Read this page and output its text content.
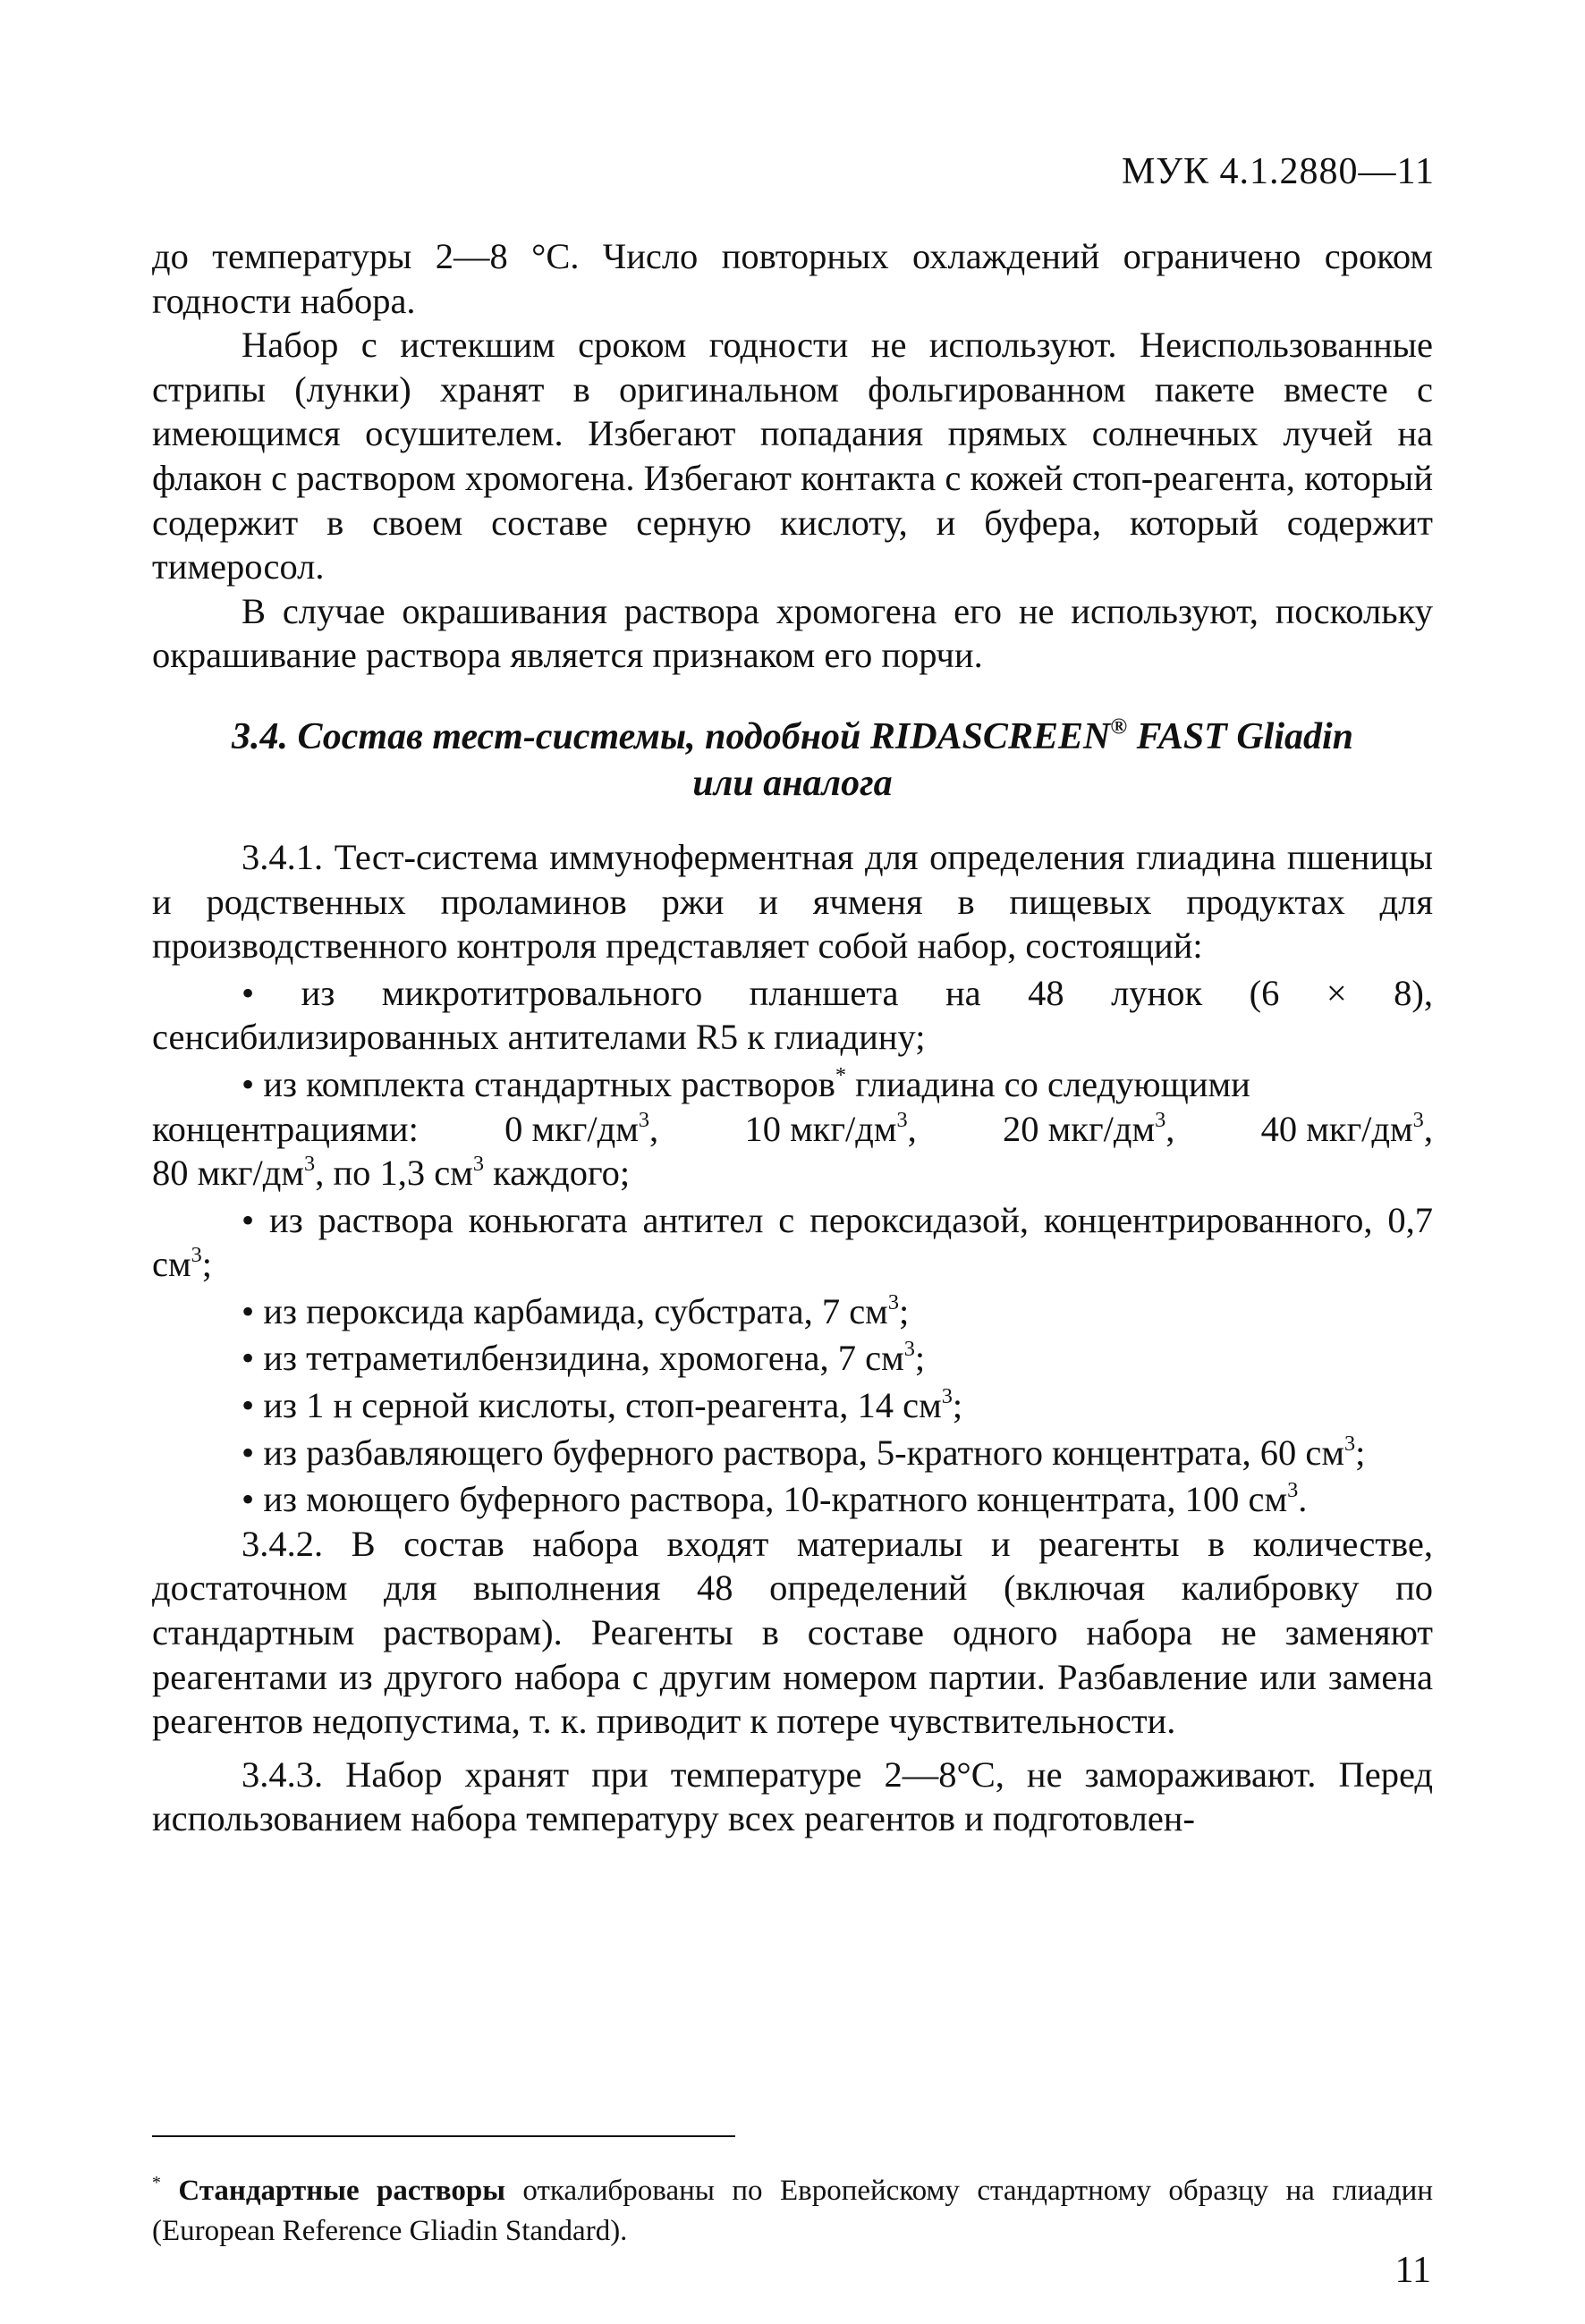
МУК 4.1.2880—11

до температуры 2—8 °С. Число повторных охлаждений ограничено сроком годности набора.

Набор с истекшим сроком годности не используют. Неиспользованные стрипы (лунки) хранят в оригинальном фольгированном пакете вместе с имеющимся осушителем. Избегают попадания прямых солнечных лучей на флакон с раствором хромогена. Избегают контакта с кожей стоп-реагента, который содержит в своем составе серную кислоту, и буфера, который содержит тимеросол.

В случае окрашивания раствора хромогена его не используют, поскольку окрашивание раствора является признаком его порчи.

3.4. Состав тест-системы, подобной RIDASCREEN® FAST Gliadin
или аналога

3.4.1. Тест-система иммуноферментная для определения глиадина пшеницы и родственных проламинов ржи и ячменя в пищевых продуктах для производственного контроля представляет собой набор, состоящий:

• из микротитровального планшета на 48 лунок (6 × 8), сенсибилизированных антителами R5 к глиадину;

• из комплекта стандартных растворов* глиадина со следующими

концентрациями: 0 мкг/$дм^3$, 10 мкг/$дм^3$, 20 мкг/$дм^3$, 40 мкг/$дм^3$,

80 мкг/$дм^3$, по 1,3 $см^3$ каждого;

• из раствора коньюгата антител с пероксидазой, концентрированного, 0,7 $см^3$;

• из пероксида карбамида, субстрата, 7 $см^3$;

• из тетраметилбензидина, хромогена, 7 $см^3$;

• из 1 н серной кислоты, стоп-реагента, 14 $см^3$;

• из разбавляющего буферного раствора, 5-кратного концентрата, 60 $см^3$;

• из моющего буферного раствора, 10-кратного концентрата, 100 $см^3$.

3.4.2. В состав набора входят материалы и реагенты в количестве, достаточном для выполнения 48 определений (включая калибровку по стандартным растворам). Реагенты в составе одного набора не заменяют реагентами из другого набора с другим номером партии. Разбавление или замена реагентов недопустима, т. к. приводит к потере чувствительности.

3.4.3. Набор хранят при температуре 2—8°С, не замораживают. Перед использованием набора температуру всех реагентов и подготовлен-

* Стандартные растворы откалиброваны по Европейскому стандартному образцу на глиадин (European Reference Gliadin Standard).
11
